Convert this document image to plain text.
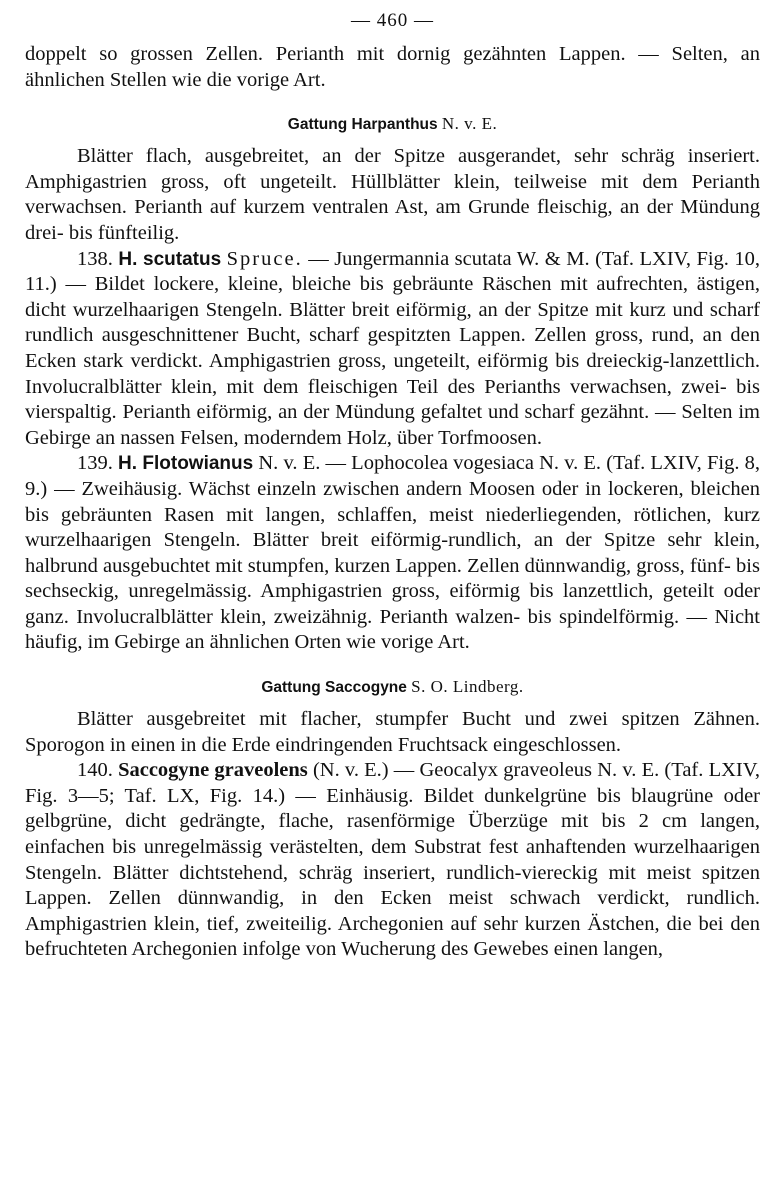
— 460 —

doppelt so grossen Zellen. Perianth mit dornig gezähnten Lappen. — Selten, an ähnlichen Stellen wie die vorige Art.

Gattung Harpanthus N. v. E.

Blätter flach, ausgebreitet, an der Spitze ausgerandet, sehr schräg inseriert. Amphigastrien gross, oft ungeteilt. Hüllblätter klein, teilweise mit dem Perianth verwachsen. Perianth auf kurzem ventralen Ast, am Grunde fleischig, an der Mündung drei- bis fünfteilig.

138. H. scutatus Spruce. — Jungermannia scutata W. & M. (Taf. LXIV, Fig. 10, 11.) — Bildet lockere, kleine, bleiche bis gebräunte Räschen mit aufrechten, ästigen, dicht wurzelhaarigen Stengeln. Blätter breit eiförmig, an der Spitze mit kurz und scharf rundlich ausgeschnittener Bucht, scharf gespitzten Lappen. Zellen gross, rund, an den Ecken stark verdickt. Amphigastrien gross, ungeteilt, eiförmig bis dreieckig-lanzettlich. Involucralblätter klein, mit dem fleischigen Teil des Perianths verwachsen, zwei- bis vierspaltig. Perianth eiförmig, an der Mündung gefaltet und scharf gezähnt. — Selten im Gebirge an nassen Felsen, moderndem Holz, über Torfmoosen.

139. H. Flotowianus N. v. E. — Lophocolea vogesiaca N. v. E. (Taf. LXIV, Fig. 8, 9.) — Zweihäusig. Wächst einzeln zwischen andern Moosen oder in lockeren, bleichen bis gebräunten Rasen mit langen, schlaffen, meist niederliegenden, rötlichen, kurz wurzelhaarigen Stengeln. Blätter breit eiförmig-rundlich, an der Spitze sehr klein, halbrund ausgebuchtet mit stumpfen, kurzen Lappen. Zellen dünnwandig, gross, fünf- bis sechseckig, unregelmässig. Amphigastrien gross, eiförmig bis lanzettlich, geteilt oder ganz. Involucralblätter klein, zweizähnig. Perianth walzen- bis spindelförmig. — Nicht häufig, im Gebirge an ähnlichen Orten wie vorige Art.

Gattung Saccogyne S. O. Lindberg.

Blätter ausgebreitet mit flacher, stumpfer Bucht und zwei spitzen Zähnen. Sporogon in einen in die Erde eindringenden Fruchtsack eingeschlossen.

140. Saccogyne graveolens (N. v. E.) — Geocalyx graveoleus N. v. E. (Taf. LXIV, Fig. 3—5; Taf. LX, Fig. 14.) — Einhäusig. Bildet dunkelgrüne bis blaugrüne oder gelbgrüne, dicht gedrängte, flache, rasenförmige Überzüge mit bis 2 cm langen, einfachen bis unregelmässig verästelten, dem Substrat fest anhaftenden wurzelhaarigen Stengeln. Blätter dichtstehend, schräg inseriert, rundlich-viereckig mit meist spitzen Lappen. Zellen dünnwandig, in den Ecken meist schwach verdickt, rundlich. Amphigastrien klein, tief, zweiteilig. Archegonien auf sehr kurzen Ästchen, die bei den befruchteten Archegonien infolge von Wucherung des Gewebes einen langen,
